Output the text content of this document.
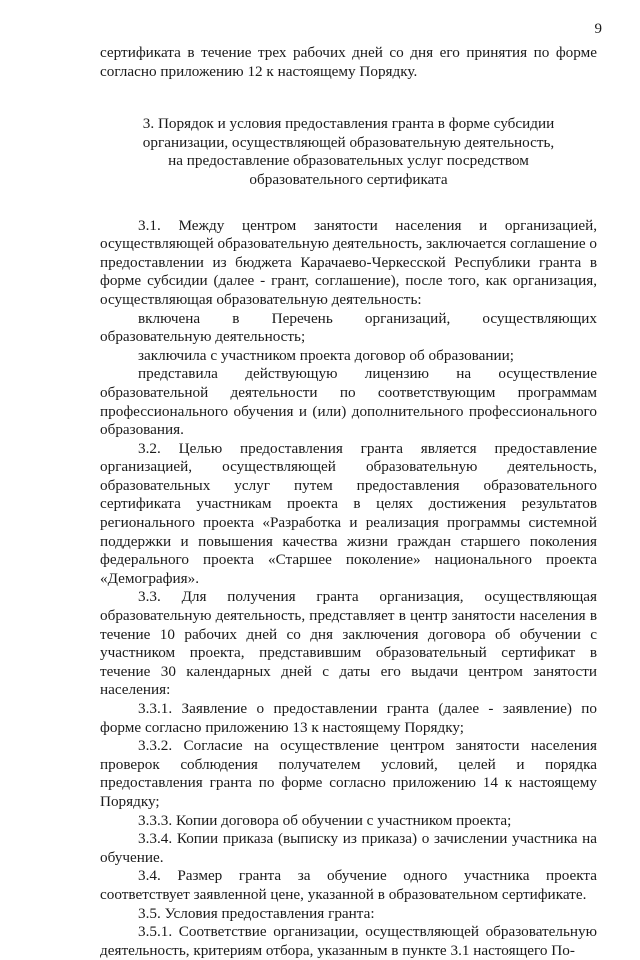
9

сертификата в течение трех рабочих дней со дня его принятия по форме согласно приложению 12 к настоящему Порядку.

3. Порядок и условия предоставления гранта в форме субсидии
организации, осуществляющей образовательную деятельность,
на предоставление образовательных услуг посредством
образовательного сертификата

3.1. Между центром занятости населения и организацией, осуществляющей образовательную деятельность, заключается соглашение о предоставлении из бюджета Карачаево-Черкесской Республики гранта в форме субсидии (далее - грант, соглашение), после того, как организация, осуществляющая образовательную деятельность:

включена в Перечень организаций, осуществляющих образовательную деятельность;

заключила с участником проекта договор об образовании;

представила действующую лицензию на осуществление образовательной деятельности по соответствующим программам профессионального обучения и (или) дополнительного профессионального образования.

3.2. Целью предоставления гранта является предоставление организацией, осуществляющей образовательную деятельность, образовательных услуг путем предоставления образовательного сертификата участникам проекта в целях достижения результатов регионального проекта «Разработка и реализация программы системной поддержки и повышения качества жизни граждан старшего поколения федерального проекта «Старшее поколение» национального проекта «Демография».

3.3. Для получения гранта организация, осуществляющая образовательную деятельность, представляет в центр занятости населения в течение 10 рабочих дней со дня заключения договора об обучении с участником проекта, представившим образовательный сертификат в течение 30 календарных дней с даты его выдачи центром занятости населения:

3.3.1. Заявление о предоставлении гранта (далее - заявление) по форме согласно приложению 13 к настоящему Порядку;

3.3.2. Согласие на осуществление центром занятости населения проверок соблюдения получателем условий, целей и порядка предоставления гранта по форме согласно приложению 14 к настоящему Порядку;

3.3.3. Копии договора об обучении с участником проекта;

3.3.4. Копии приказа (выписку из приказа) о зачислении участника на обучение.

3.4. Размер гранта за обучение одного участника проекта соответствует заявленной цене, указанной в образовательном сертификате.

3.5. Условия предоставления гранта:

3.5.1. Соответствие организации, осуществляющей образовательную деятельность, критериям отбора, указанным в пункте 3.1 настоящего По-
